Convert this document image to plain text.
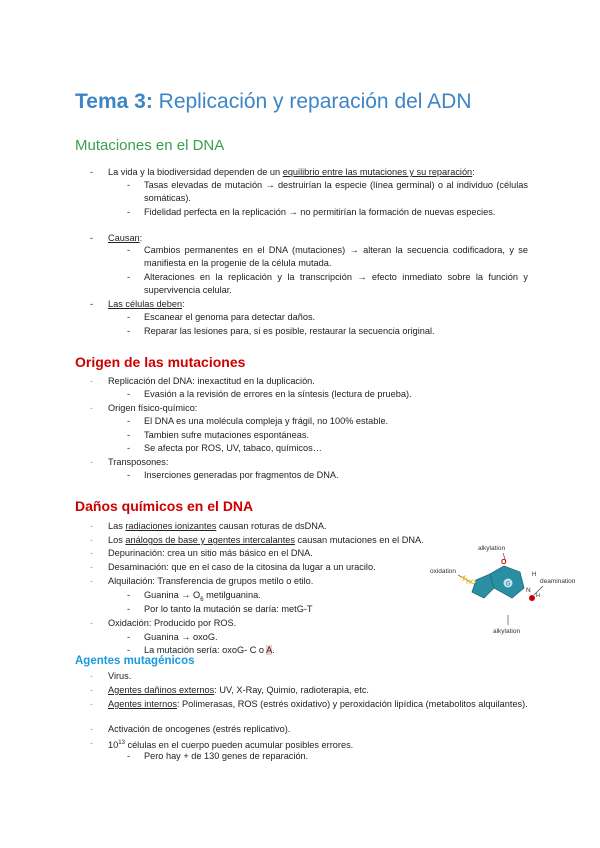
Tema 3: Replicación y reparación del ADN
Mutaciones en el DNA
- La vida y la biodiversidad dependen de un equilibrio entre las mutaciones y su reparación:
- Tasas elevadas de mutación → destruirían la especie (línea germinal) o al individuo (células somáticas).
- Fidelidad perfecta en la replicación → no permitirían la formación de nuevas especies.
- Causan:
- Cambios permanentes en el DNA (mutaciones) → alteran la secuencia codificadora, y se manifiesta en la progenie de la célula mutada.
- Alteraciones en la replicación y la transcripción → efecto inmediato sobre la función y supervivencia celular.
- Las células deben:
- Escanear el genoma para detectar daños.
- Reparar las lesiones para, si es posible, restaurar la secuencia original.
Origen de las mutaciones
- Replicación del DNA: inexactitud en la duplicación.
- Evasión a la revisión de errores en la síntesis (lectura de prueba).
- Origen físico-químico:
- El DNA es una molécula compleja y frágil, no 100% estable.
- Tambien sufre mutaciones espontáneas.
- Se afecta por ROS, UV, tabaco, químicos…
- Transposones:
- Inserciones generadas por fragmentos de DNA.
Daños químicos en el DNA
- Las radiaciones ionizantes causan roturas de dsDNA.
- Los análogos de base y agentes intercalantes causan mutaciones en el DNA.
- Depurinación: crea un sitio más básico en el DNA.
- Desaminación: que en el caso de la citosina da lugar a un uracilo.
- Alquilación: Transferencia de grupos metilo o etilo.
- Guanina → $O_6$ metilguanina.
- Por lo tanto la mutación se daría: metG-T
- Oxidación: Producido por ROS.
- Guanina → oxoG.
- La mutación sería: oxoG- C o A.
alkylation
oxidation
deamination
alkylation
G
O
HO
N
H
H
Agentes mutagénicos
- Virus.
- Agentes dañinos externos: UV, X-Ray, Quimio, radioterapia, etc.
- Agentes internos: Polimerasas, ROS (estrés oxidativo) y peroxidación lipídica (metabolitos alquilantes).
- Activación de oncogenes (estrés replicativo).
- $10^{13}$ células en el cuerpo pueden acumular posibles errores.
- Pero hay + de 130 genes de reparación.
